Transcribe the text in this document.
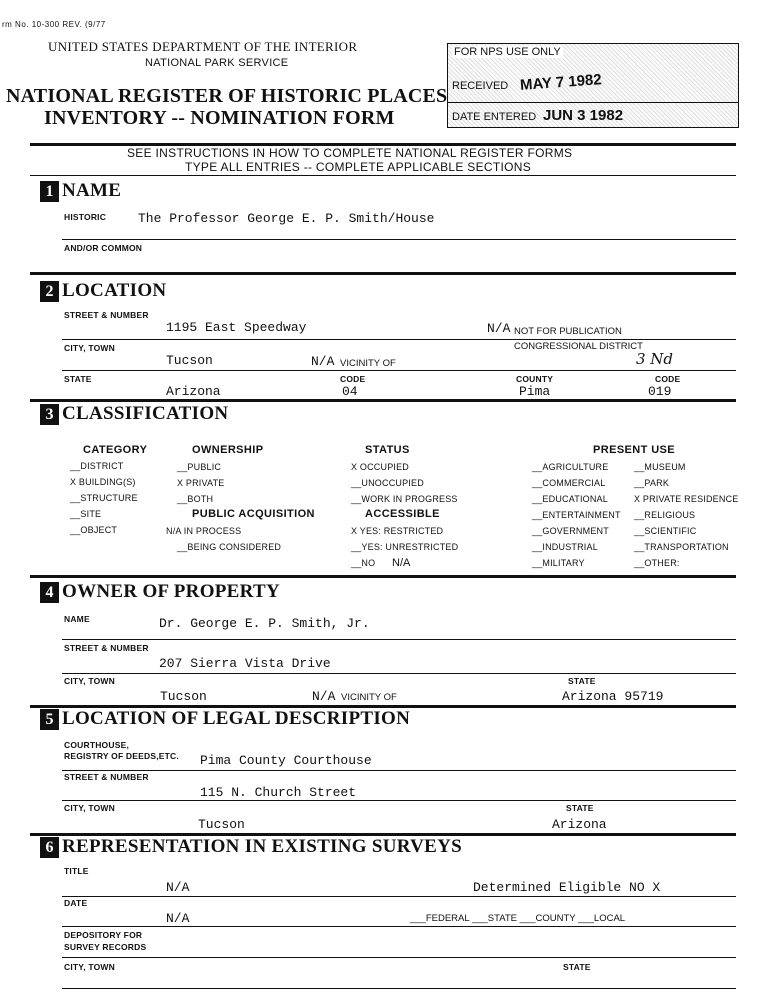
rm No. 10-300 REV. (9/77
UNITED STATES DEPARTMENT OF THE INTERIOR
NATIONAL PARK SERVICE
NATIONAL REGISTER OF HISTORIC PLACES
INVENTORY -- NOMINATION FORM
FOR NPS USE ONLY
RECEIVED MAY 7 1982
DATE ENTERED JUN 3 1982
SEE INSTRUCTIONS IN HOW TO COMPLETE NATIONAL REGISTER FORMS
TYPE ALL ENTRIES -- COMPLETE APPLICABLE SECTIONS
1 NAME
HISTORIC The Professor George E. P. Smith/House
AND/OR COMMON
2 LOCATION
STREET & NUMBER
1195 East Speedway	N/A NOT FOR PUBLICATION
CITY, TOWN	CONGRESSIONAL DISTRICT
Tucson	N/A VICINITY OF	3 Nd
STATE	CODE	COUNTY	CODE
Arizona	04	Pima	019
3 CLASSIFICATION
CATEGORY
__DISTRICT
X BUILDING(S)
__STRUCTURE
__SITE
__OBJECT
OWNERSHIP
__PUBLIC
X PRIVATE
__BOTH
PUBLIC ACQUISITION
N/A IN PROCESS
__BEING CONSIDERED
STATUS
X OCCUPIED
__UNOCCUPIED
__WORK IN PROGRESS
ACCESSIBLE
X YES: RESTRICTED
__YES: UNRESTRICTED
__NO N/A
PRESENT USE
__AGRICULTURE
__COMMERCIAL
__EDUCATIONAL
__ENTERTAINMENT
__GOVERNMENT
__INDUSTRIAL
__MILITARY
__MUSEUM
__PARK
X PRIVATE RESIDENCE
__RELIGIOUS
__SCIENTIFIC
__TRANSPORTATION
__OTHER:
4 OWNER OF PROPERTY
NAME	Dr. George E. P. Smith, Jr.
STREET & NUMBER
207 Sierra Vista Drive
CITY, TOWN	STATE
Tucson	N/A VICINITY OF	Arizona 95719
5 LOCATION OF LEGAL DESCRIPTION
COURTHOUSE,
REGISTRY OF DEEDS,ETC. Pima County Courthouse
STREET & NUMBER
115 N. Church Street
CITY, TOWN	STATE
Tucson	Arizona
6 REPRESENTATION IN EXISTING SURVEYS
TITLE
N/A	Determined Eligible NO X
DATE
N/A	___FEDERAL ___STATE ___COUNTY ___LOCAL
DEPOSITORY FOR
SURVEY RECORDS
CITY, TOWN	STATE
